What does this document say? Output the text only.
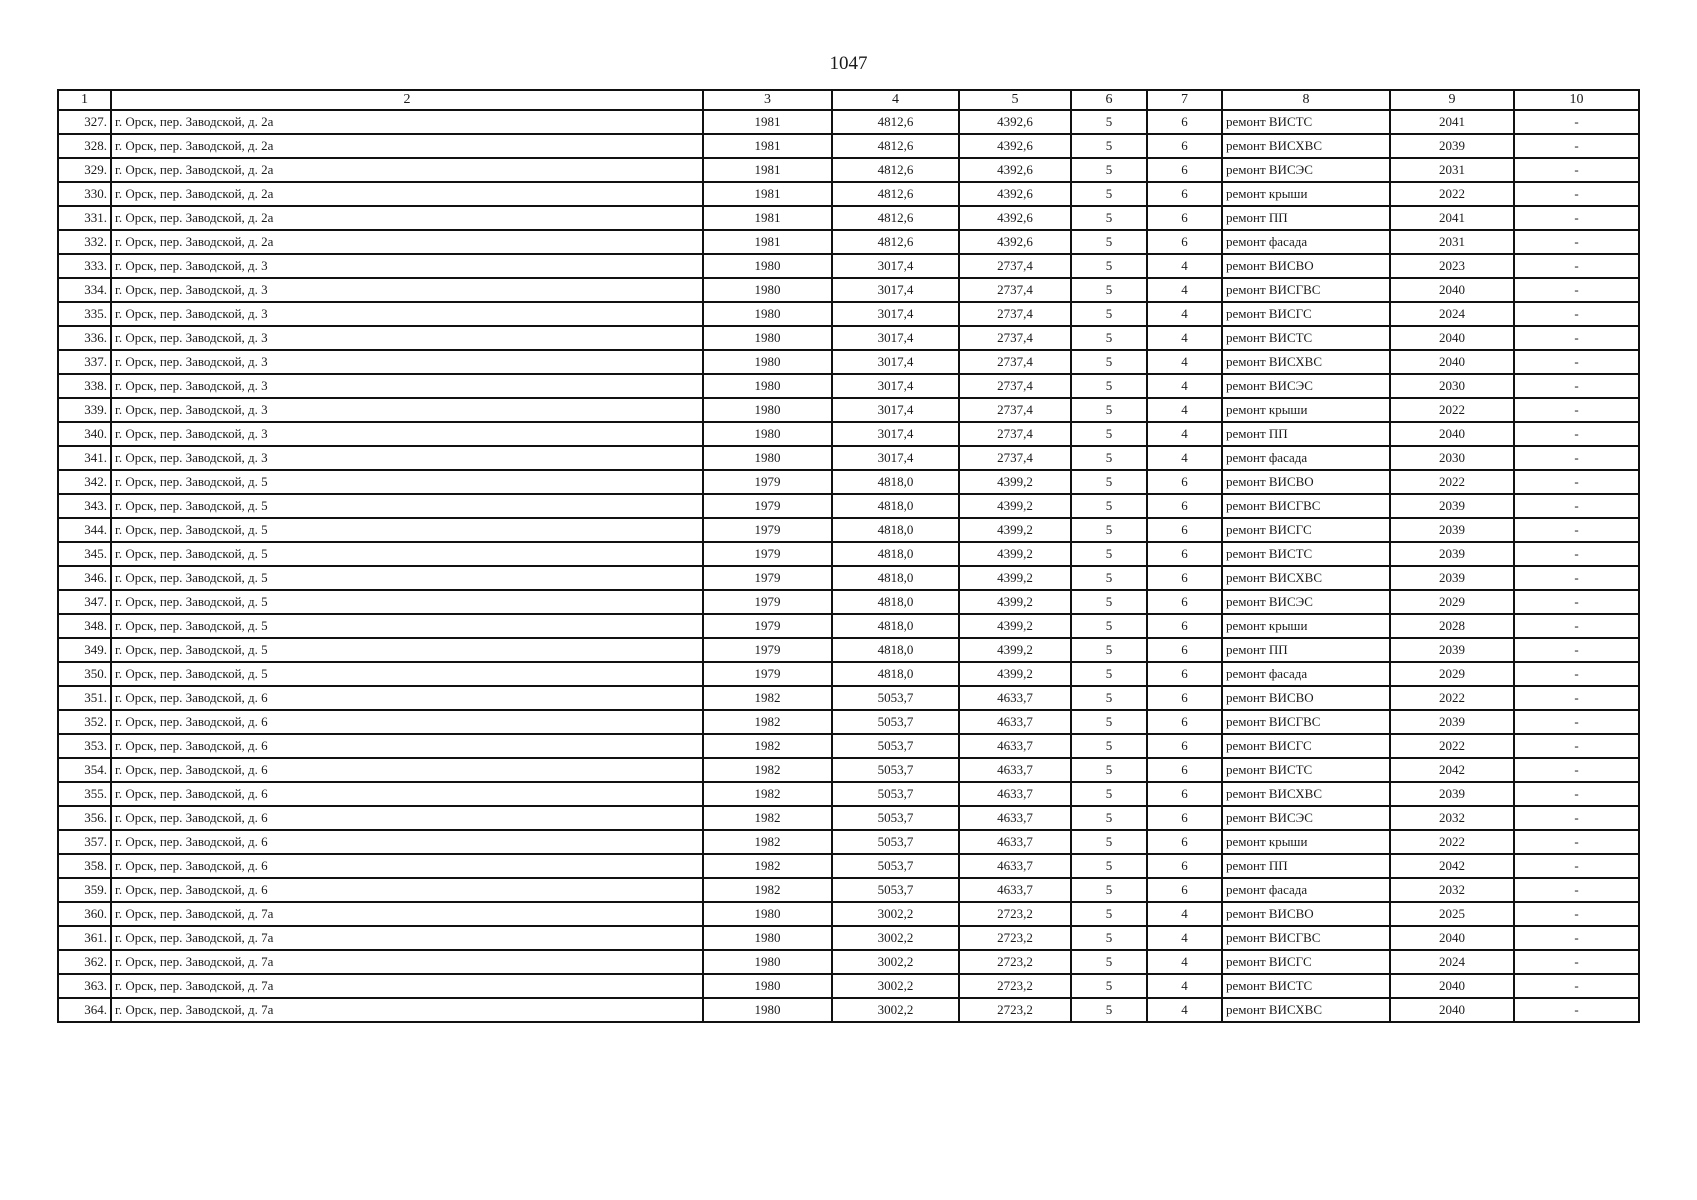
1047
1	2	3	4	5	6	7	8	9	10
327.	г. Орск, пер. Заводской, д. 2а	1981	4812,6	4392,6	5	6	ремонт ВИСТС	2041	-
328.	г. Орск, пер. Заводской, д. 2а	1981	4812,6	4392,6	5	6	ремонт ВИСХВС	2039	-
329.	г. Орск, пер. Заводской, д. 2а	1981	4812,6	4392,6	5	6	ремонт ВИСЭС	2031	-
330.	г. Орск, пер. Заводской, д. 2а	1981	4812,6	4392,6	5	6	ремонт крыши	2022	-
331.	г. Орск, пер. Заводской, д. 2а	1981	4812,6	4392,6	5	6	ремонт ПП	2041	-
332.	г. Орск, пер. Заводской, д. 2а	1981	4812,6	4392,6	5	6	ремонт фасада	2031	-
333.	г. Орск, пер. Заводской, д. 3	1980	3017,4	2737,4	5	4	ремонт ВИСВО	2023	-
334.	г. Орск, пер. Заводской, д. 3	1980	3017,4	2737,4	5	4	ремонт ВИСГВС	2040	-
335.	г. Орск, пер. Заводской, д. 3	1980	3017,4	2737,4	5	4	ремонт ВИСГС	2024	-
336.	г. Орск, пер. Заводской, д. 3	1980	3017,4	2737,4	5	4	ремонт ВИСТС	2040	-
337.	г. Орск, пер. Заводской, д. 3	1980	3017,4	2737,4	5	4	ремонт ВИСХВС	2040	-
338.	г. Орск, пер. Заводской, д. 3	1980	3017,4	2737,4	5	4	ремонт ВИСЭС	2030	-
339.	г. Орск, пер. Заводской, д. 3	1980	3017,4	2737,4	5	4	ремонт крыши	2022	-
340.	г. Орск, пер. Заводской, д. 3	1980	3017,4	2737,4	5	4	ремонт ПП	2040	-
341.	г. Орск, пер. Заводской, д. 3	1980	3017,4	2737,4	5	4	ремонт фасада	2030	-
342.	г. Орск, пер. Заводской, д. 5	1979	4818,0	4399,2	5	6	ремонт ВИСВО	2022	-
343.	г. Орск, пер. Заводской, д. 5	1979	4818,0	4399,2	5	6	ремонт ВИСГВС	2039	-
344.	г. Орск, пер. Заводской, д. 5	1979	4818,0	4399,2	5	6	ремонт ВИСГС	2039	-
345.	г. Орск, пер. Заводской, д. 5	1979	4818,0	4399,2	5	6	ремонт ВИСТС	2039	-
346.	г. Орск, пер. Заводской, д. 5	1979	4818,0	4399,2	5	6	ремонт ВИСХВС	2039	-
347.	г. Орск, пер. Заводской, д. 5	1979	4818,0	4399,2	5	6	ремонт ВИСЭС	2029	-
348.	г. Орск, пер. Заводской, д. 5	1979	4818,0	4399,2	5	6	ремонт крыши	2028	-
349.	г. Орск, пер. Заводской, д. 5	1979	4818,0	4399,2	5	6	ремонт ПП	2039	-
350.	г. Орск, пер. Заводской, д. 5	1979	4818,0	4399,2	5	6	ремонт фасада	2029	-
351.	г. Орск, пер. Заводской, д. 6	1982	5053,7	4633,7	5	6	ремонт ВИСВО	2022	-
352.	г. Орск, пер. Заводской, д. 6	1982	5053,7	4633,7	5	6	ремонт ВИСГВС	2039	-
353.	г. Орск, пер. Заводской, д. 6	1982	5053,7	4633,7	5	6	ремонт ВИСГС	2022	-
354.	г. Орск, пер. Заводской, д. 6	1982	5053,7	4633,7	5	6	ремонт ВИСТС	2042	-
355.	г. Орск, пер. Заводской, д. 6	1982	5053,7	4633,7	5	6	ремонт ВИСХВС	2039	-
356.	г. Орск, пер. Заводской, д. 6	1982	5053,7	4633,7	5	6	ремонт ВИСЭС	2032	-
357.	г. Орск, пер. Заводской, д. 6	1982	5053,7	4633,7	5	6	ремонт крыши	2022	-
358.	г. Орск, пер. Заводской, д. 6	1982	5053,7	4633,7	5	6	ремонт ПП	2042	-
359.	г. Орск, пер. Заводской, д. 6	1982	5053,7	4633,7	5	6	ремонт фасада	2032	-
360.	г. Орск, пер. Заводской, д. 7а	1980	3002,2	2723,2	5	4	ремонт ВИСВО	2025	-
361.	г. Орск, пер. Заводской, д. 7а	1980	3002,2	2723,2	5	4	ремонт ВИСГВС	2040	-
362.	г. Орск, пер. Заводской, д. 7а	1980	3002,2	2723,2	5	4	ремонт ВИСГС	2024	-
363.	г. Орск, пер. Заводской, д. 7а	1980	3002,2	2723,2	5	4	ремонт ВИСТС	2040	-
364.	г. Орск, пер. Заводской, д. 7а	1980	3002,2	2723,2	5	4	ремонт ВИСХВС	2040	-
